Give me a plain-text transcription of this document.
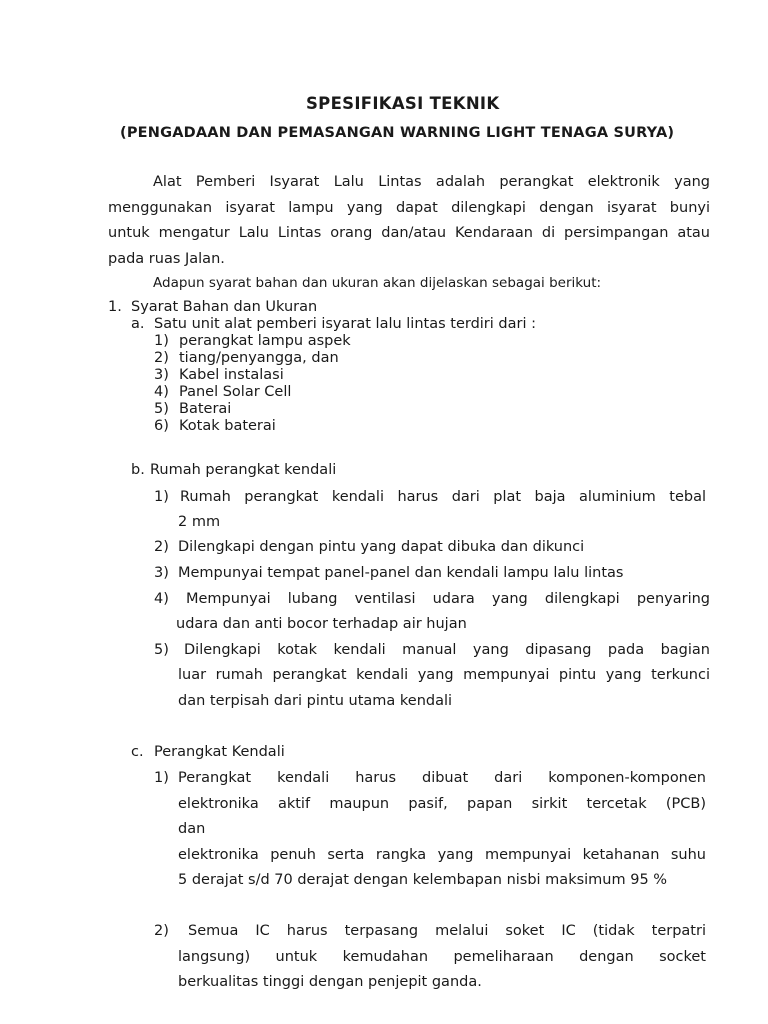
SPESIFIKASI TEKNIK
(PENGADAAN DAN PEMASANGAN WARNING LIGHT TENAGA SURYA)
Alat Pemberi Isyarat Lalu Lintas adalah perangkat elektronik yang
menggunakan isyarat lampu yang dapat dilengkapi dengan isyarat bunyi
untuk mengatur Lalu Lintas orang dan/atau Kendaraan di persimpangan atau
pada ruas Jalan.
Adapun syarat bahan dan ukuran akan dijelaskan sebagai berikut:
1. Syarat Bahan dan Ukuran
a. Satu unit alat pemberi isyarat lalu lintas terdiri dari :
1) perangkat lampu aspek
2) tiang/penyangga, dan
3) Kabel instalasi
4) Panel Solar Cell
5) Baterai
6) Kotak baterai
b. Rumah perangkat kendali
1) Rumah perangkat kendali harus dari plat baja aluminium tebal
2 mm
2) Dilengkapi dengan pintu yang dapat dibuka dan dikunci
3) Mempunyai tempat panel-panel dan kendali lampu lalu lintas
4) Mempunyai lubang ventilasi udara yang dilengkapi penyaring
udara dan anti bocor terhadap air hujan
5) Dilengkapi kotak kendali manual yang dipasang pada bagian
luar rumah perangkat kendali yang mempunyai pintu yang terkunci
dan terpisah dari pintu utama kendali
c. Perangkat Kendali
1) Perangkat kendali harus dibuat dari komponen-komponen
elektronika aktif maupun pasif, papan sirkit tercetak (PCB)
dan
elektronika penuh serta rangka yang mempunyai ketahanan suhu
5 derajat s/d 70 derajat dengan kelembapan nisbi maksimum 95 %
2) Semua IC harus terpasang melalui soket IC (tidak terpatri
langsung) untuk kemudahan pemeliharaan dengan socket
berkualitas tinggi dengan penjepit ganda.
